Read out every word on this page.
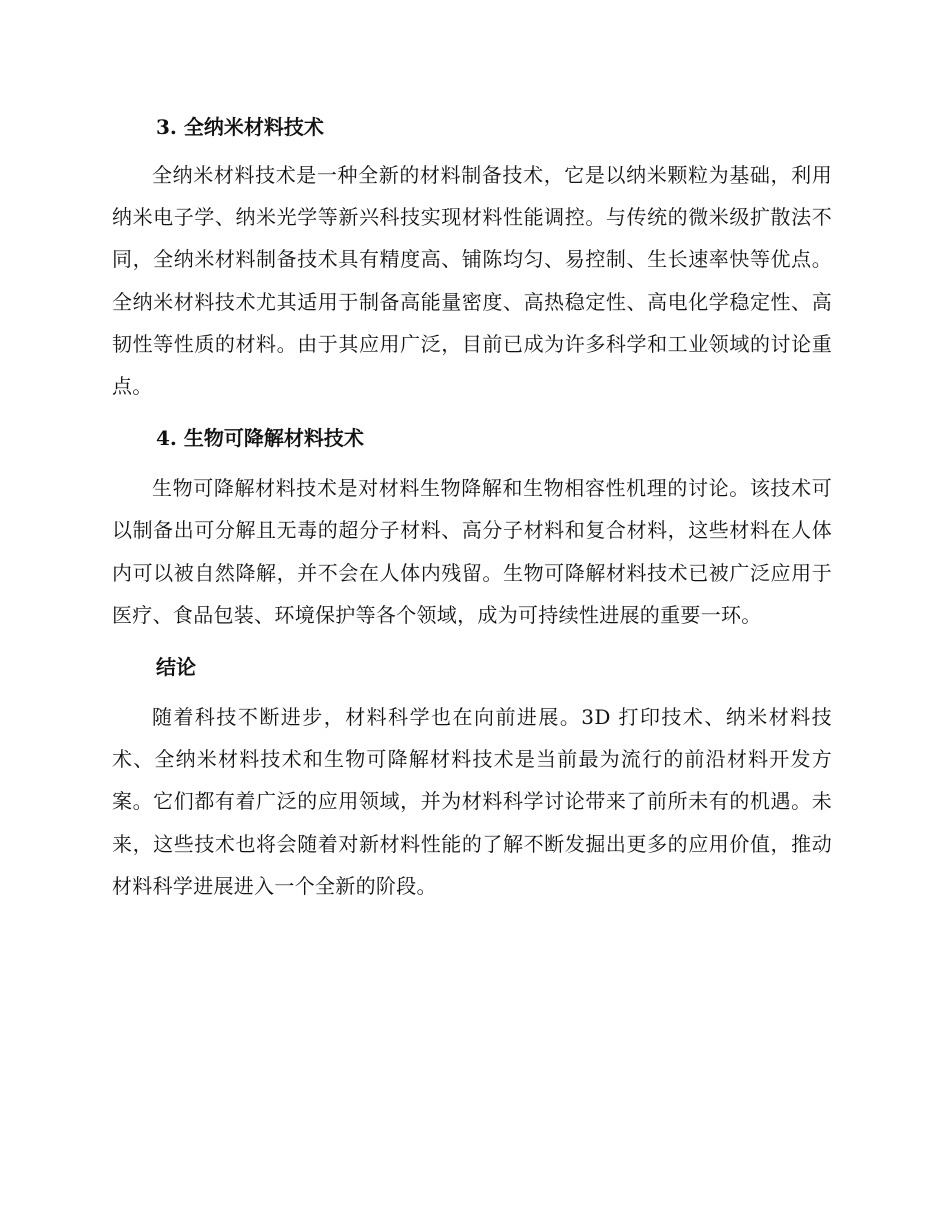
3. 全纳米材料技术

全纳米材料技术是一种全新的材料制备技术，它是以纳米颗粒为基础，利用纳米电子学、纳米光学等新兴科技实现材料性能调控。与传统的微米级扩散法不同，全纳米材料制备技术具有精度高、铺陈均匀、易控制、生长速率快等优点。全纳米材料技术尤其适用于制备高能量密度、高热稳定性、高电化学稳定性、高韧性等性质的材料。由于其应用广泛，目前已成为许多科学和工业领域的讨论重点。

4. 生物可降解材料技术

生物可降解材料技术是对材料生物降解和生物相容性机理的讨论。该技术可以制备出可分解且无毒的超分子材料、高分子材料和复合材料，这些材料在人体内可以被自然降解，并不会在人体内残留。生物可降解材料技术已被广泛应用于医疗、食品包装、环境保护等各个领域，成为可持续性进展的重要一环。

结论

随着科技不断进步，材料科学也在向前进展。3D 打印技术、纳米材料技术、全纳米材料技术和生物可降解材料技术是当前最为流行的前沿材料开发方案。它们都有着广泛的应用领域，并为材料科学讨论带来了前所未有的机遇。未来，这些技术也将会随着对新材料性能的了解不断发掘出更多的应用价值，推动材料科学进展进入一个全新的阶段。
